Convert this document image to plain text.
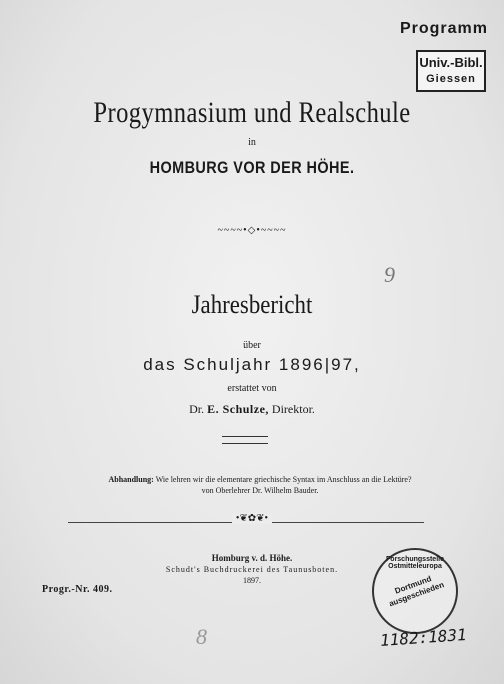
Programm
Univ.-Bibl.
Giessen
Progymnasium und Realschule
in
HOMBURG VOR DER HÖHE.
~~~~•◇•~~~~
9
Jahresbericht
über
das Schuljahr 1896|97,
erstattet von
Dr. E. Schulze, Direktor.
Abhandlung: Wie lehren wir die elementare griechische Syntax im Anschluss an die Lektüre?
von Oberlehrer Dr. Wilhelm Bauder.
•❦✿❦•
Homburg v. d. Höhe.
Schudt's Buchdruckerei des Taunusboten.
1897.
Progr.-Nr. 409.
Forschungsstelle Ostmitteleuropa
Dortmund ausgeschieden
1182:1831
8
